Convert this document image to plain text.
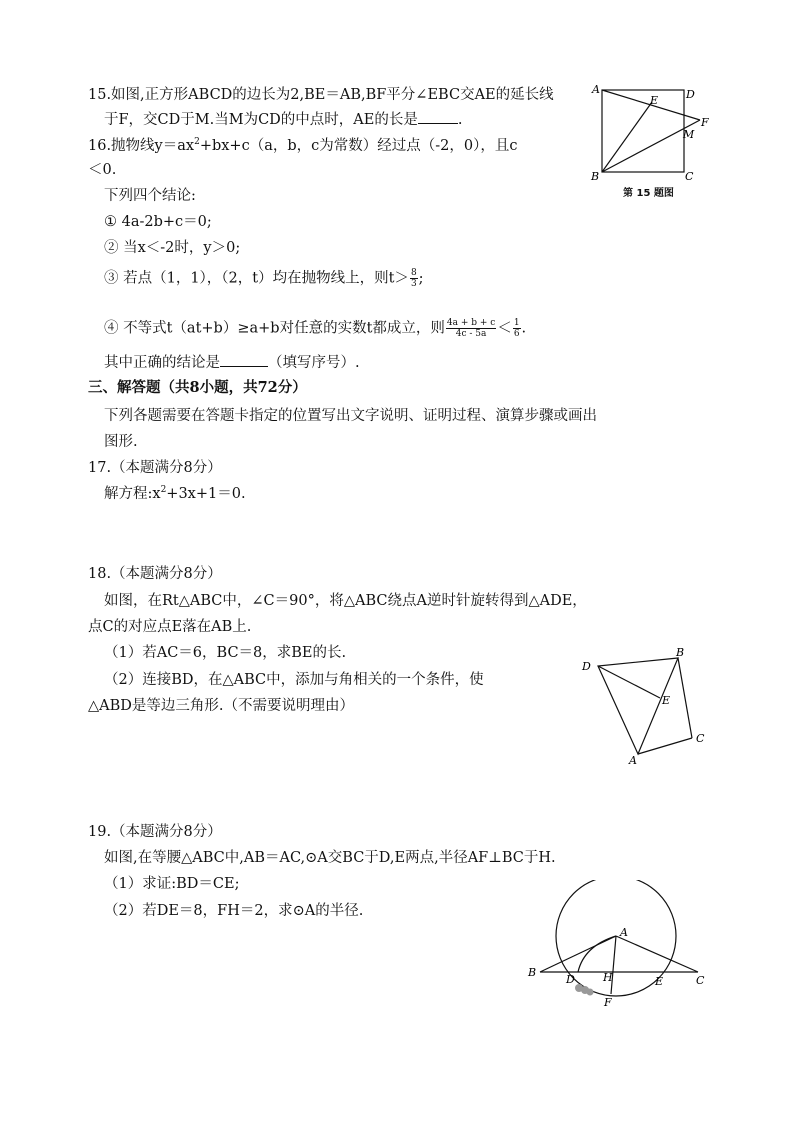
15.如图,正方形ABCD的边长为2,BE＝AB,BF平分∠EBC交AE的延长线
于F，交CD于M.当M为CD的中点时，AE的长是	.
A	D
E
F
M
B	C
第 15 题图
16.抛物线$y=ax^2+bx+c(a$，b，c为常数）经过点（-2，0），且c
＜0.
下列四个结论:
① 4a-2b+c＝0;
② 当x＜-2时，y＞0;
③ 若点（1，1），（2，t）均在抛物线上，则$t> \frac{8}{3}$ ;
④ 不等式t（at+b）≥a+b对任意的实数t都成立，则 $\frac{4a + b + c}{4c - 5a} < \frac{1}{6}$ .
其中正确的结论是	（填写序号）.
三、解答题（共8小题，共72分）
下列各题需要在答题卡指定的位置写出文字说明、证明过程、演算步骤或画出
图形.
17.（本题满分8分）
解方程$:x^2+3x+1=0$.
18.（本题满分8分）
如图，在Rt△ABC中，∠C＝90°，将△ABC绕点A逆时针旋转得到△ADE，
点C的对应点E落在AB上.
（1）若AC＝6，BC＝8，求BE的长.
（2）连接BD，在△ABC中，添加与角相关的一个条件，使
△ABD是等边三角形.（不需要说明理由）
A
B
C
D
E
19.（本题满分8分）
如图,在等腰△ABC中,AB＝AC,⊙A交BC于D,E两点,半径AF⊥BC于H.
（1）求证:BD＝CE;
（2）若DE＝8，FH＝2，求⊙A的半径.
A
B
C
D	E
F
H
